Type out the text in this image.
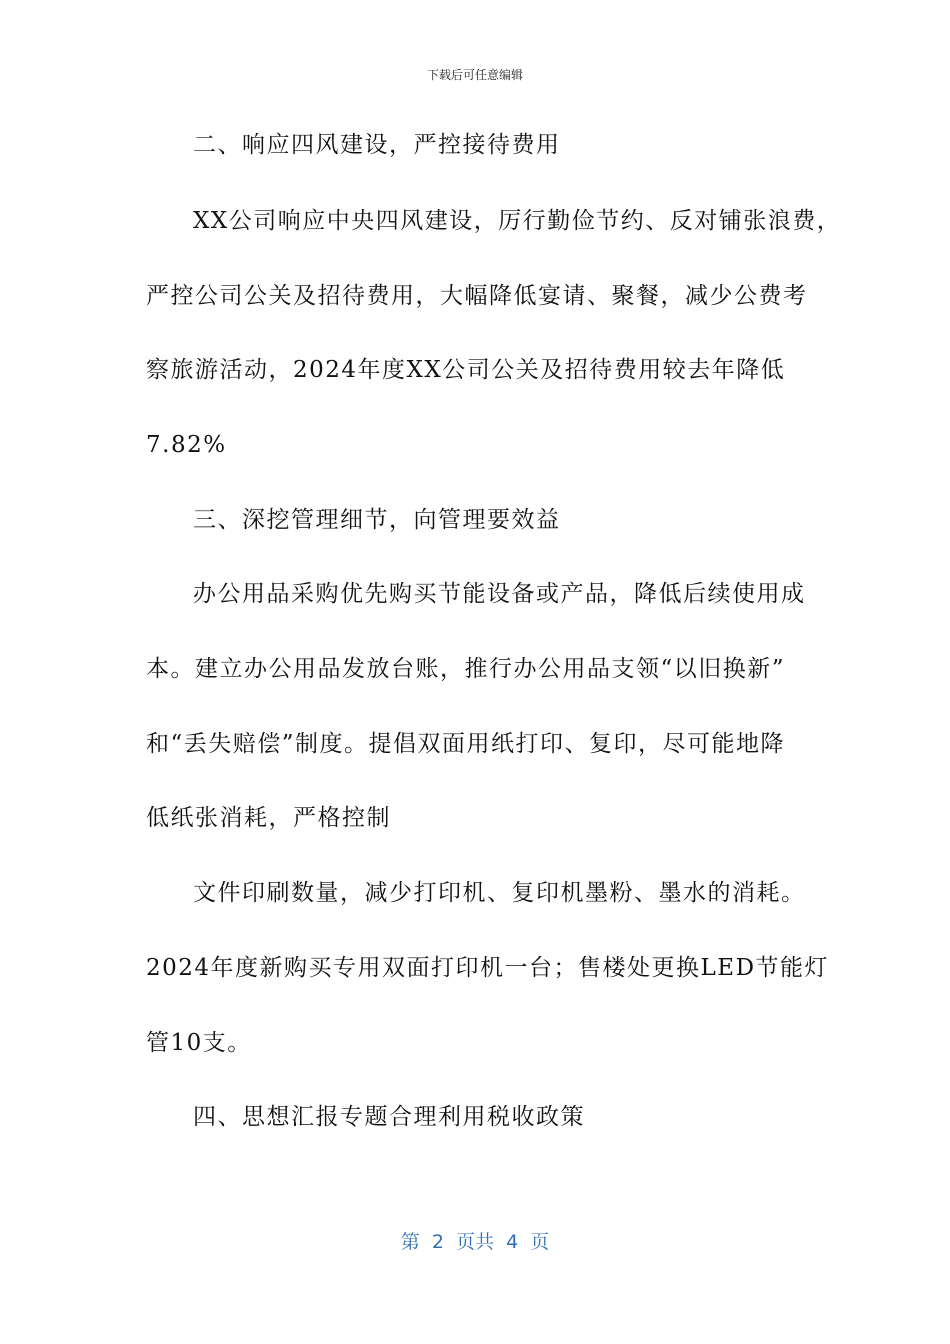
下载后可任意编辑
二、响应四风建设，严控接待费用
XX公司响应中央四风建设，厉行勤俭节约、反对铺张浪费，
严控公司公关及招待费用，大幅降低宴请、聚餐，减少公费考
察旅游活动，2024年度XX公司公关及招待费用较去年降低
7.82%
三、深挖管理细节，向管理要效益
办公用品采购优先购买节能设备或产品，降低后续使用成
本。建立办公用品发放台账，推行办公用品支领“以旧换新”
和“丢失赔偿”制度。提倡双面用纸打印、复印，尽可能地降
低纸张消耗，严格控制
文件印刷数量，减少打印机、复印机墨粉、墨水的消耗。
2024年度新购买专用双面打印机一台；售楼处更换LED节能灯
管10支。
四、思想汇报专题合理利用税收政策
第  2  页共  4  页
